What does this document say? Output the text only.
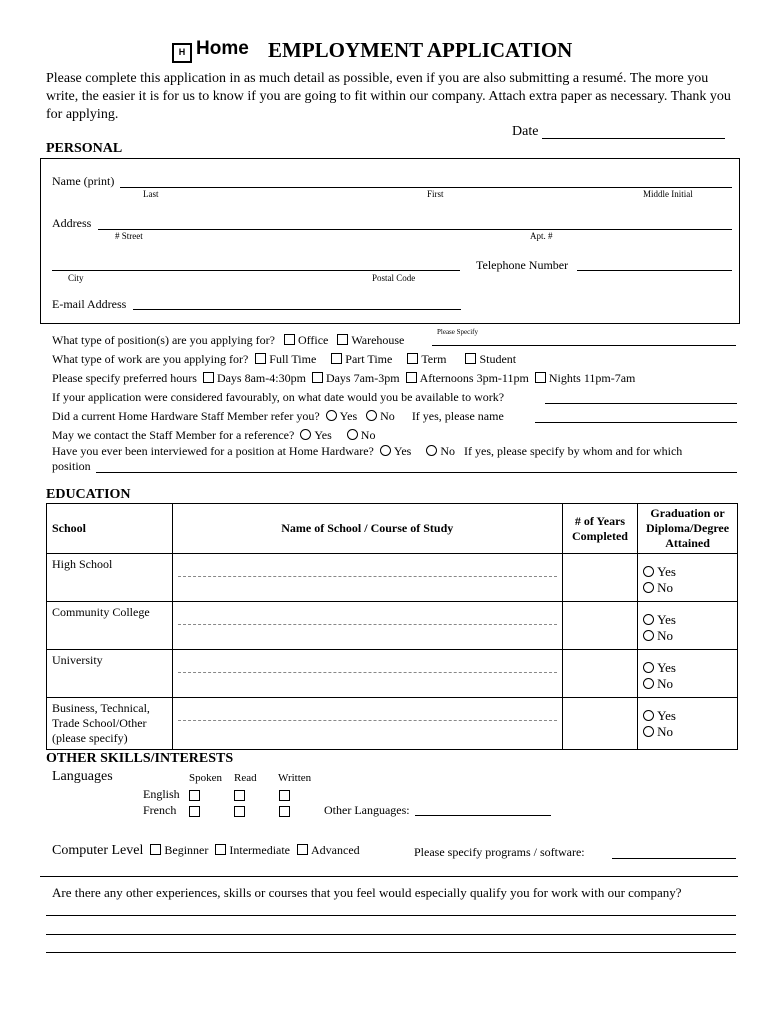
H Home EMPLOYMENT APPLICATION
Please complete this application in as much detail as possible, even if you are also submitting a resumé. The more you write, the easier it is for us to know if you are going to fit within our company. Attach extra paper as necessary. Thank you for applying.
Date
PERSONAL
Name (print)
Last	First	Middle Initial
Address
# Street	Apt. #
Telephone Number
City	Postal Code
E-mail Address
What type of position(s) are you applying for? Office Warehouse
Please Specify
What type of work are you applying for? Full Time Part Time Term	Student
Please specify preferred hours Days 8am-4:30pm Days 7am-3pm Afternoons 3pm-11pm Nights 11pm-7am
If your application were considered favourably, on what date would you be available to work?
Did a current Home Hardware Staff Member refer you? Yes No If yes, please name
May we contact the Staff Member for a reference? Yes No
Have you ever been interviewed for a position at Home Hardware? Yes No If yes, please specify by whom and for which
position
EDUCATION
School	Name of School / Course of Study	# of Years Completed	Graduation or Diploma/Degree Attained
High School			Yes
No

Community College			Yes
No

University			Yes
No

Business, Technical, Trade School/Other (please specify)			Yes
No
OTHER SKILLS/INTERESTS
Languages	Spoken Read Written
English
French	Other Languages:
Computer Level Beginner Intermediate Advanced	Please specify programs / software:
Are there any other experiences, skills or courses that you feel would especially qualify you for work with our company?
